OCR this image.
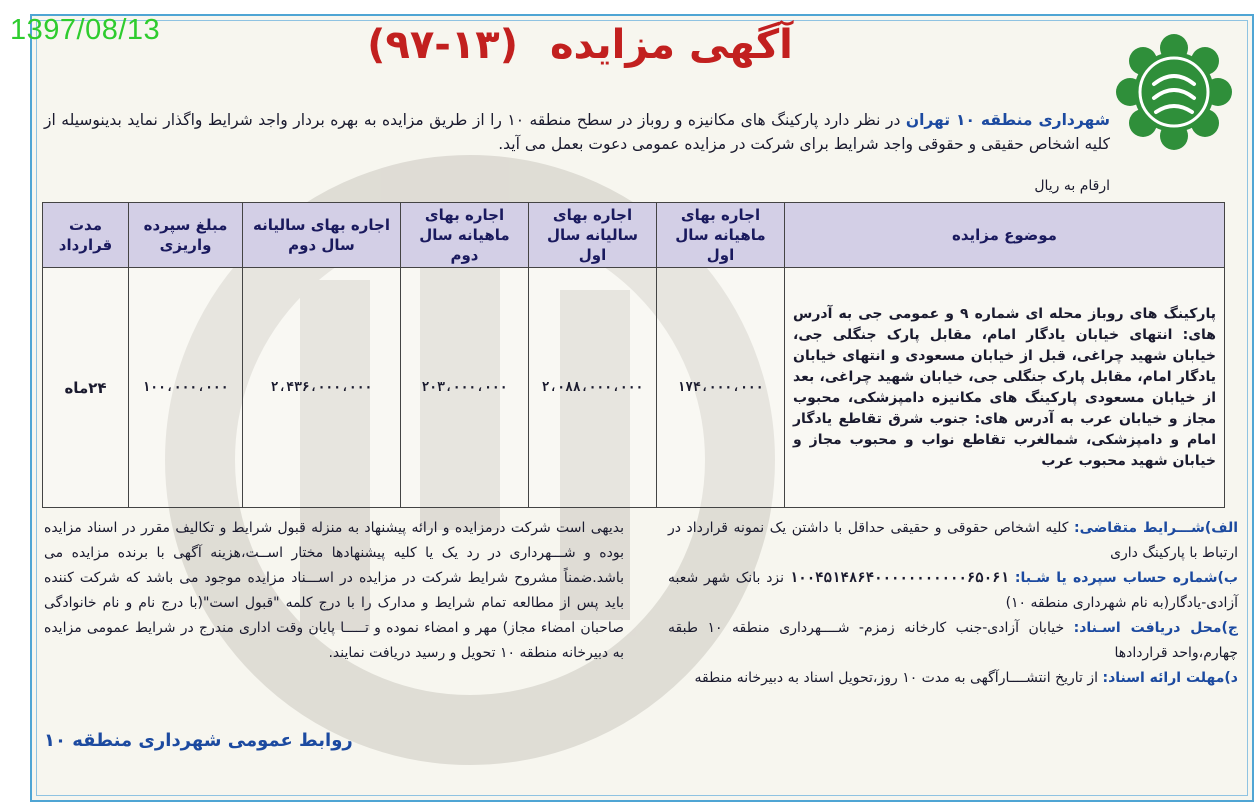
1397/08/13	آگهی مزایده (۱۳-۹۷)
شهرداری منطقه ۱۰ تهران در نظر دارد پارکینگ های مکانیزه و روباز در سطح منطقه ۱۰ را از طریق مزایده به بهره بردار واجد شرایط واگذار نماید بدینوسیله از کلیه اشخاص حقیقی و حقوقی واجد شرایط برای شرکت در مزایده عمومی دعوت بعمل می آید.
ارقام به ریال
موضوع مزایده	اجاره بهای ماهیانه سال اول	اجاره بهای سالیانه سال اول	اجاره بهای ماهیانه سال دوم	اجاره بهای سالیانه سال دوم	مبلغ سپرده واریزی	مدت قرارداد
پارکینگ های روباز محله ای شماره ۹ و عمومی جی به آدرس های: انتهای خیابان یادگار امام، مقابل پارک جنگلی جی، خیابان شهید چراغی، قبل از خیابان مسعودی و انتهای خیابان یادگار امام، مقابل پارک جنگلی جی، خیابان شهید چراغی، بعد از خیابان مسعودی پارکینگ های مکانیزه دامپزشکی، محبوب مجاز و خیابان عرب به آدرس های: جنوب شرق تقاطع یادگار امام و دامپزشکی، شمالغرب تقاطع نواب و محبوب مجاز و خیابان شهید محبوب عرب	۱۷۴،۰۰۰،۰۰۰	۲،۰۸۸،۰۰۰،۰۰۰	۲۰۳،۰۰۰،۰۰۰	۲،۴۳۶،۰۰۰،۰۰۰	۱۰۰،۰۰۰،۰۰۰	۲۴ماه

الف)شـــرایط متقاضی: کلیه اشخاص حقوقی و حقیقی حداقل با داشتن یک نمونه قرارداد در ارتباط با پارکینگ داری

ب)شماره حساب سپرده یا شـبا: ۱۰۰۴۵۱۴۸۶۴۰۰۰۰۰۰۰۰۰۰۰۶۵۰۶۱ نزد بانک شهر شعبه آزادی-یادگار(به نام شهرداری منطقه ۱۰)

ج)محل دریافت اسـناد: خیابان آزادی-جنب کارخانه زمزم- شــــهرداری منطقه ۱۰ طبقه چهارم،واحد قراردادها

د)مهلت ارائه اسناد: از تاریخ انتشــــارآگهی به مدت ۱۰ روز،تحویل اسناد به دبیرخانه منطقه

بدیهی است شرکت درمزایده و ارائه پیشنهاد به منزله قبول شرایط و تکالیف مقرر در اسناد مزایده بوده و شـــهرداری در رد یک یا کلیه پیشنهادها مختار اســت،هزینه آگهی با برنده مزایده می باشد.ضمناً مشروح شرایط شرکت در مزایده در اســـناد مزایده موجود می باشد که شرکت کننده باید پس از مطالعه تمام شرایط و مدارک را با درج کلمه "قبول است"(با درج نام و نام خانوادگی صاحبان امضاء مجاز) مهر و امضاء نموده و تـــــا پایان وقت اداری مندرج در شرایط عمومی مزایده به دبیرخانه منطقه ۱۰ تحویل و رسید دریافت نمایند.
روابط عمومی شهرداری منطقه ۱۰
